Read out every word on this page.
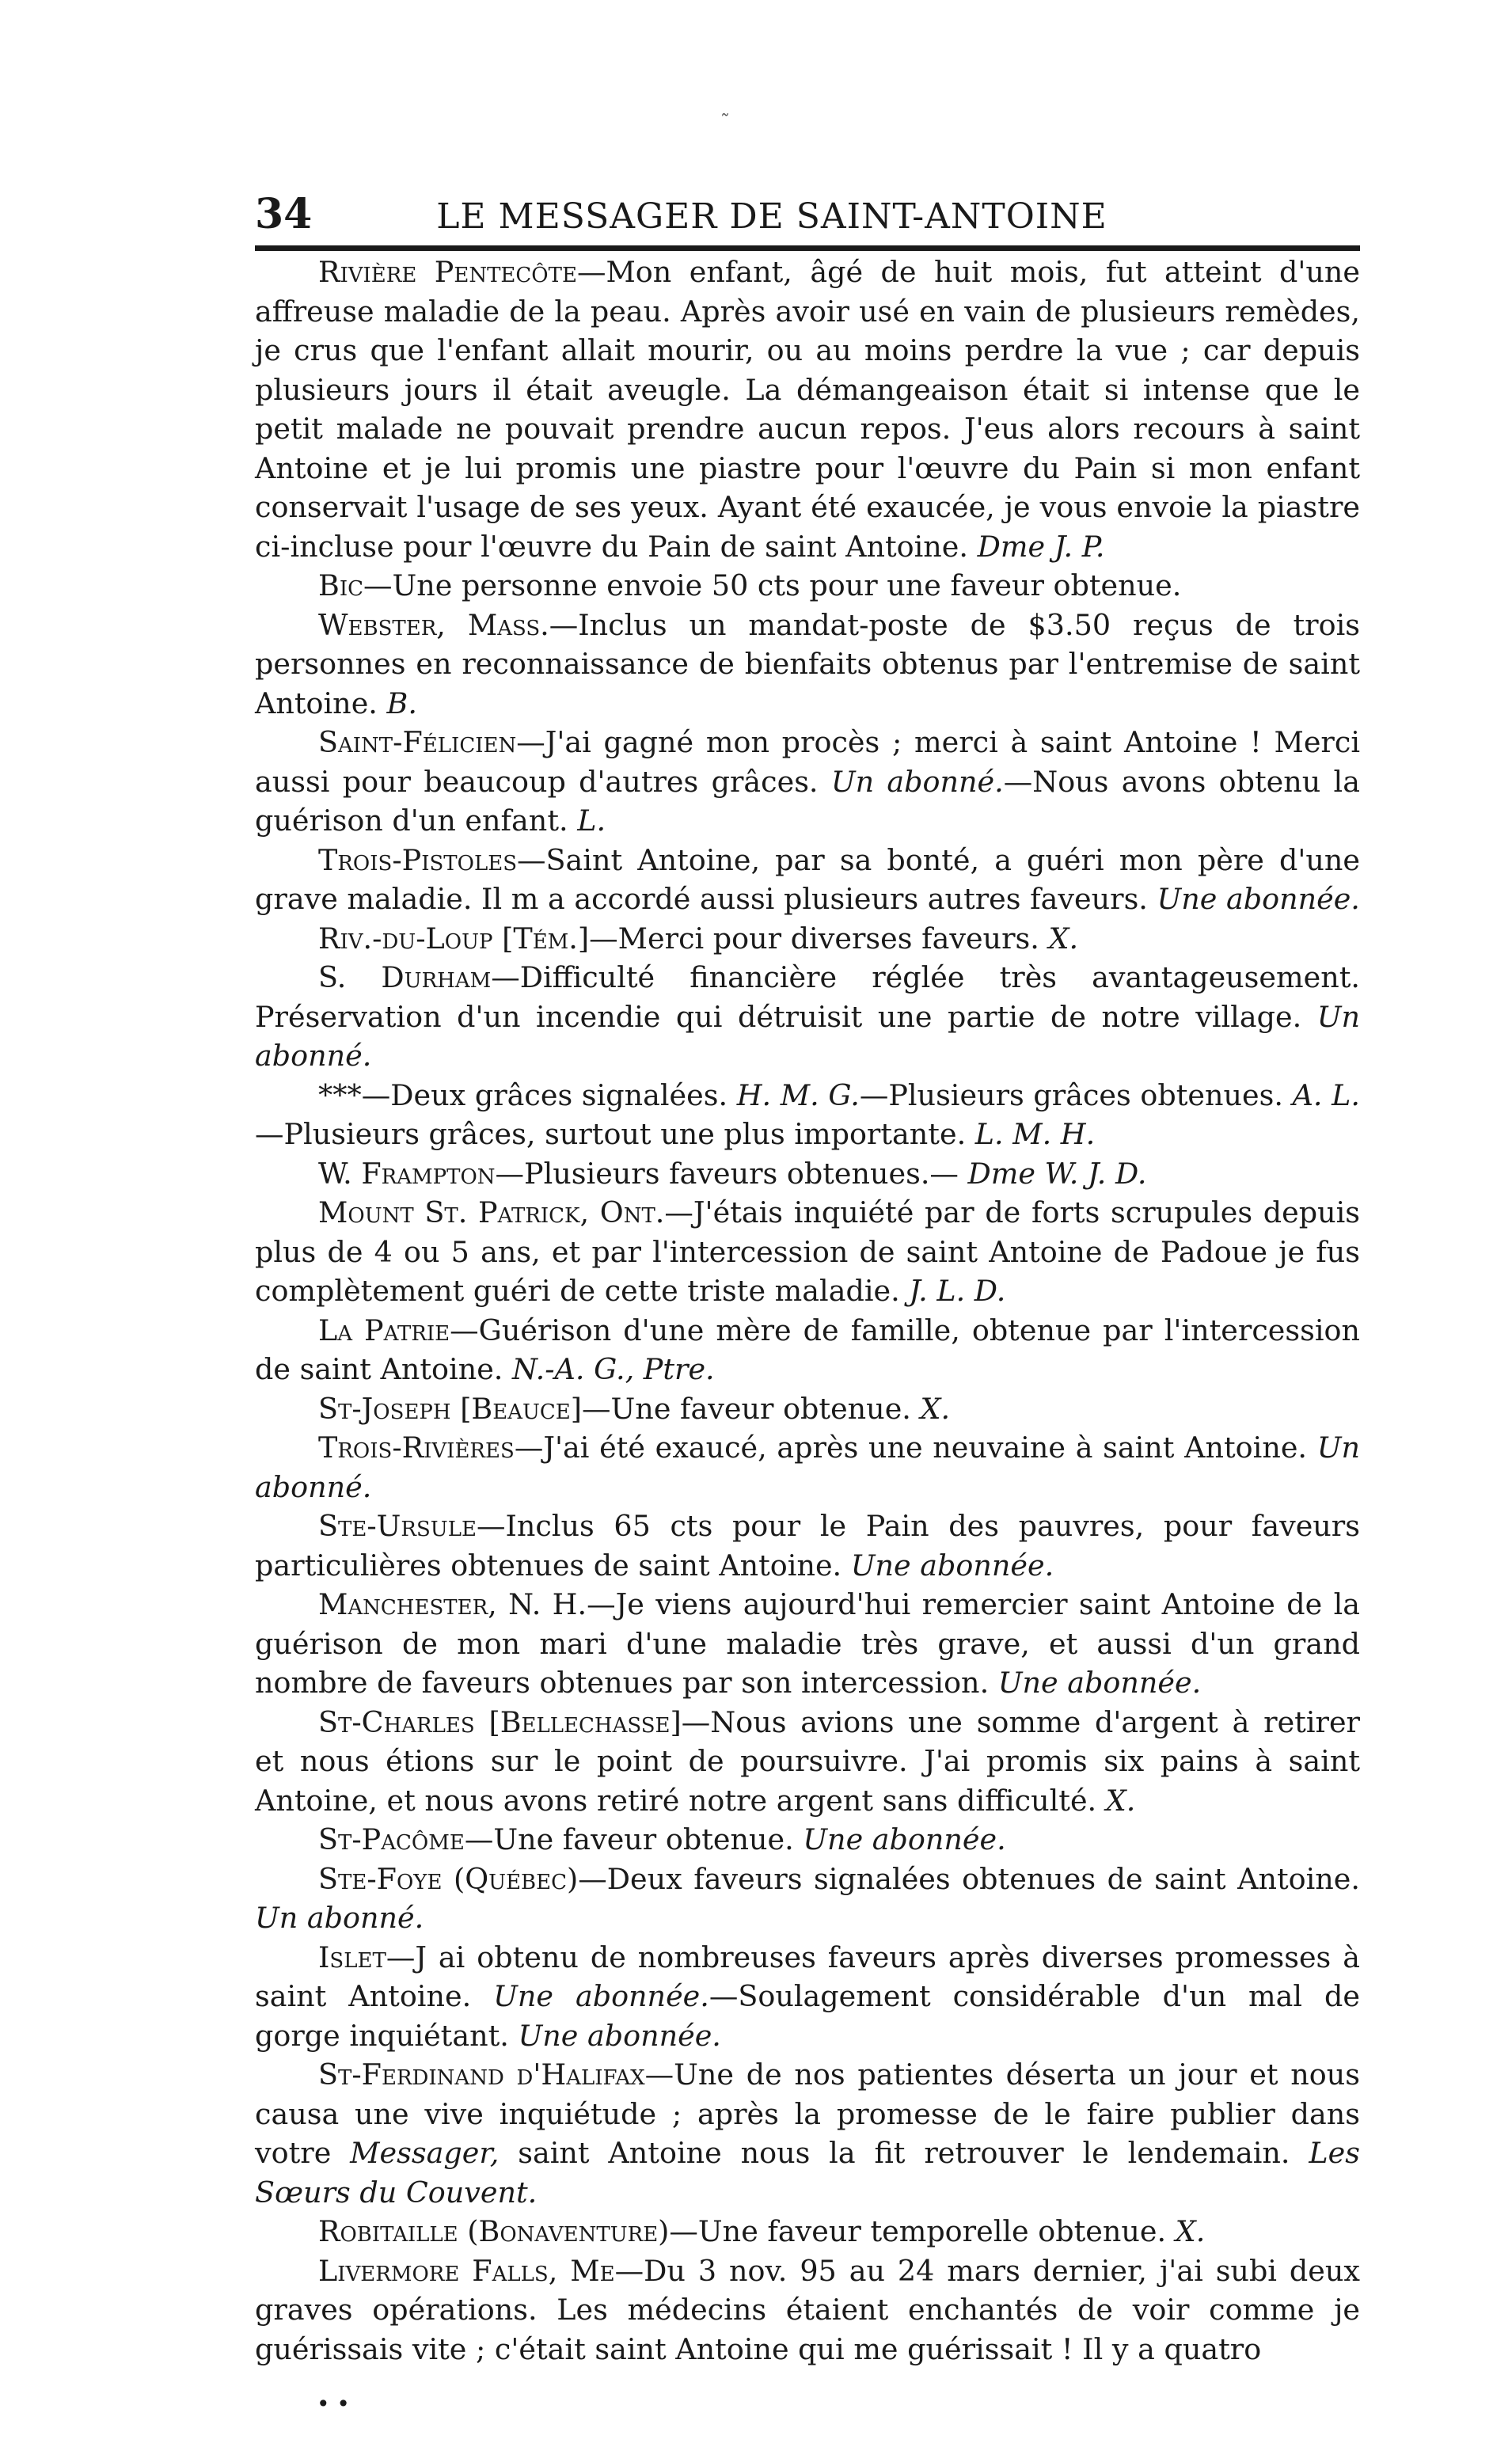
˜
34	LE MESSAGER DE SAINT-ANTOINE

Rivière Pentecôte—Mon enfant, âgé de huit mois, fut atteint d'une affreuse maladie de la peau. Après avoir usé en vain de plusieurs remèdes, je crus que l'enfant allait mourir, ou au moins perdre la vue ; car depuis plusieurs jours il était aveugle. La démangeaison était si intense que le petit malade ne pouvait prendre aucun repos. J'eus alors recours à saint Antoine et je lui promis une piastre pour l'œuvre du Pain si mon enfant conservait l'usage de ses yeux. Ayant été exaucée, je vous envoie la piastre ci-incluse pour l'œuvre du Pain de saint Antoine. Dme J. P.

Bic—Une personne envoie 50 cts pour une faveur obtenue.

Webster, Mass.—Inclus un mandat-poste de $3.50 reçus de trois personnes en reconnaissance de bienfaits obtenus par l'entremise de saint Antoine. B.

Saint-Félicien—J'ai gagné mon procès ; merci à saint Antoine ! Merci aussi pour beaucoup d'autres grâces. Un abonné.—Nous avons obtenu la guérison d'un enfant. L.

Trois-Pistoles—Saint Antoine, par sa bonté, a guéri mon père d'une grave maladie. Il m a accordé aussi plusieurs autres faveurs. Une abonnée.

Riv.-du-Loup [Tém.]—Merci pour diverses faveurs. X.

S. Durham—Difficulté financière réglée très avantageusement. Préservation d'un incendie qui détruisit une partie de notre village. Un abonné.

***—Deux grâces signalées. H. M. G.—Plusieurs grâces obtenues. A. L.—Plusieurs grâces, surtout une plus importante. L. M. H.

W. Frampton—Plusieurs faveurs obtenues.— Dme W. J. D.

Mount St. Patrick, Ont.—J'étais inquiété par de forts scrupules depuis plus de 4 ou 5 ans, et par l'intercession de saint Antoine de Padoue je fus complètement guéri de cette triste maladie. J. L. D.

La Patrie—Guérison d'une mère de famille, obtenue par l'intercession de saint Antoine. N.-A. G., Ptre.

St-Joseph [Beauce]—Une faveur obtenue. X.

Trois-Rivières—J'ai été exaucé, après une neuvaine à saint Antoine. Un abonné.

Ste-Ursule—Inclus 65 cts pour le Pain des pauvres, pour faveurs particulières obtenues de saint Antoine. Une abonnée.

Manchester, N. H.—Je viens aujourd'hui remercier saint Antoine de la guérison de mon mari d'une maladie très grave, et aussi d'un grand nombre de faveurs obtenues par son intercession. Une abonnée.

St-Charles [Bellechasse]—Nous avions une somme d'argent à retirer et nous étions sur le point de poursuivre. J'ai promis six pains à saint Antoine, et nous avons retiré notre argent sans difficulté. X.

St-Pacôme—Une faveur obtenue. Une abonnée.

Ste-Foye (Québec)—Deux faveurs signalées obtenues de saint Antoine. Un abonné.

Islet—J ai obtenu de nombreuses faveurs après diverses promesses à saint Antoine. Une abonnée.—Soulagement considérable d'un mal de gorge inquiétant. Une abonnée.

St-Ferdinand d'Halifax—Une de nos patientes déserta un jour et nous causa une vive inquiétude ; après la promesse de le faire publier dans votre Messager, saint Antoine nous la fit retrouver le lendemain. Les Sœurs du Couvent.

Robitaille (Bonaventure)—Une faveur temporelle obtenue. X.

Livermore Falls, Me—Du 3 nov. 95 au 24 mars dernier, j'ai subi deux graves opérations. Les médecins étaient enchantés de voir comme je guérissais vite ; c'était saint Antoine qui me guérissait ! Il y a quatro

• •
